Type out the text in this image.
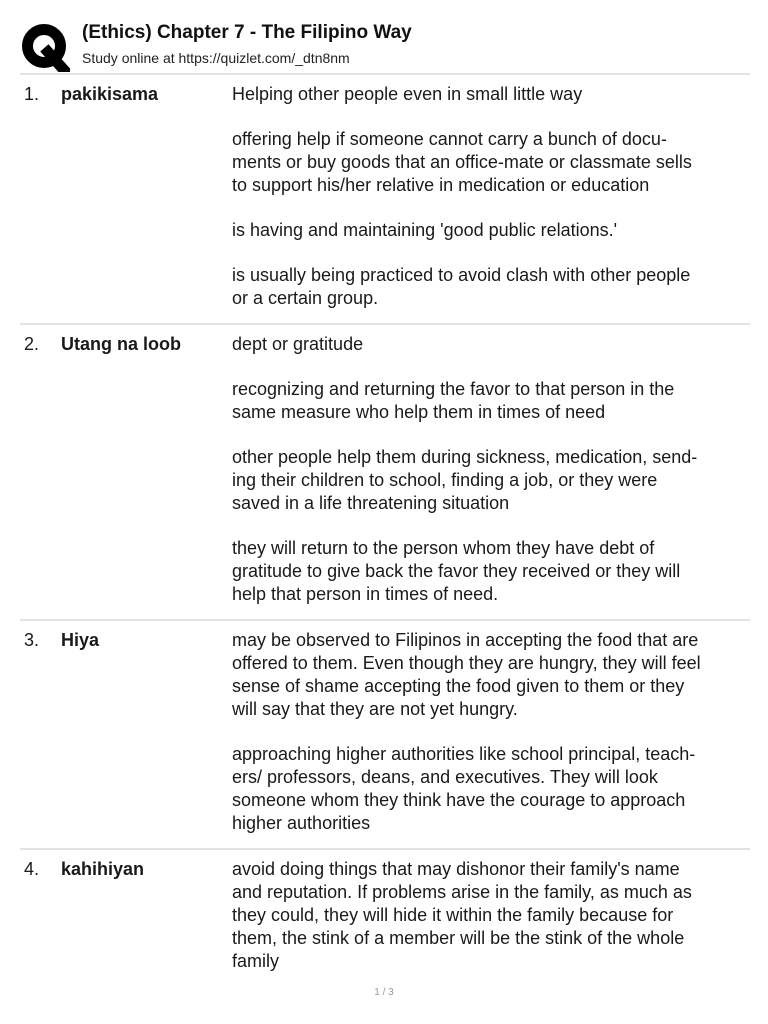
(Ethics) Chapter 7 - The Filipino Way
Study online at https://quizlet.com/_dtn8nm
1.	pakikisama	Helping other people even in small little way
offering help if someone cannot carry a bunch of docu-
ments or buy goods that an office-mate or classmate sells
to support his/her relative in medication or education
is having and maintaining 'good public relations.'
is usually being practiced to avoid clash with other people
or a certain group.
2.	Utang na loob	dept or gratitude
recognizing and returning the favor to that person in the
same measure who help them in times of need
other people help them during sickness, medication, send-
ing their children to school, finding a job, or they were
saved in a life threatening situation
they will return to the person whom they have debt of
gratitude to give back the favor they received or they will
help that person in times of need.
3.	Hiya	may be observed to Filipinos in accepting the food that are
offered to them. Even though they are hungry, they will feel
sense of shame accepting the food given to them or they
will say that they are not yet hungry.
approaching higher authorities like school principal, teach-
ers/ professors, deans, and executives. They will look
someone whom they think have the courage to approach
higher authorities
4.	kahihiyan	avoid doing things that may dishonor their family's name
and reputation. If problems arise in the family, as much as
they could, they will hide it within the family because for
them, the stink of a member will be the stink of the whole
family
1 / 3
